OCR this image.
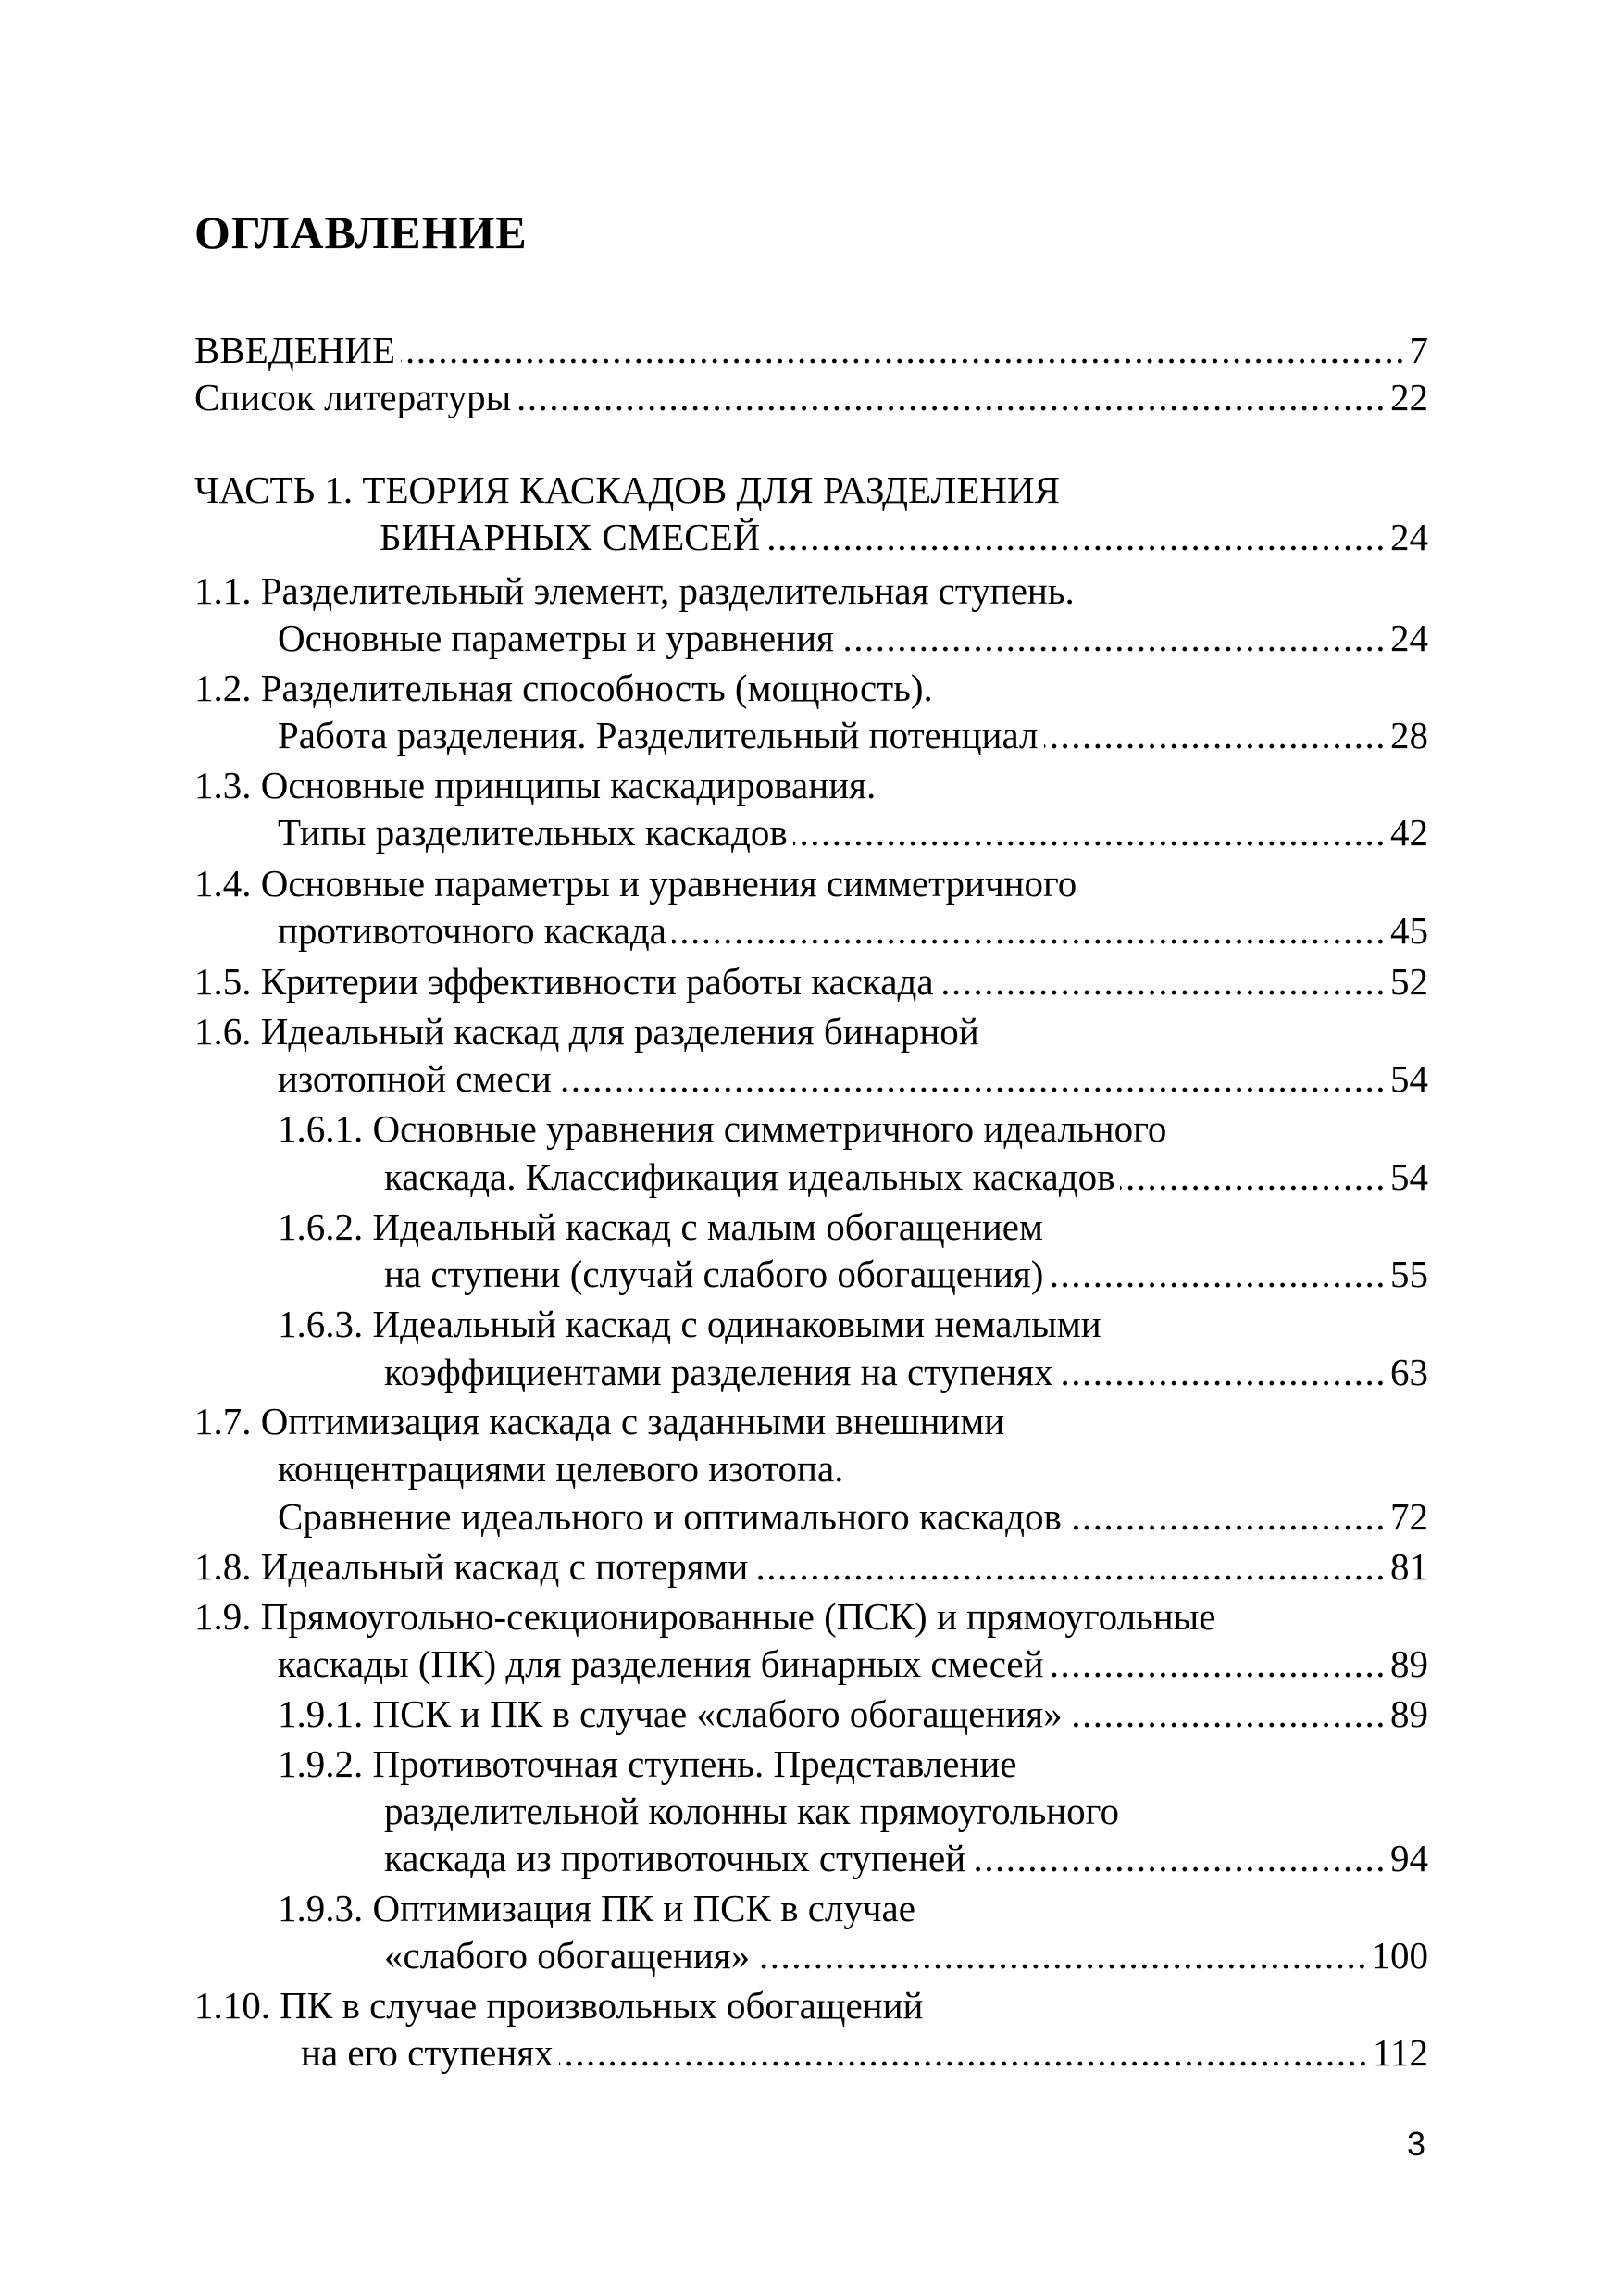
ОГЛАВЛЕНИЕ
.....
ВВЕДЕНИЕ	7
.....
Список литературы	22
ЧАСТЬ 1. ТЕОРИЯ КАСКАДОВ ДЛЯ РАЗДЕЛЕНИЯ
.....
БИНАРНЫХ СМЕСЕЙ	24
1.1. Разделительный элемент, разделительная ступень.
.....
Основные параметры и уравнения	24
1.2. Разделительная способность (мощность).
.....
Работа разделения. Разделительный потенциал	28
1.3. Основные принципы каскадирования.
.....
Типы разделительных каскадов	42
1.4. Основные параметры и уравнения симметричного
.....
противоточного каскада	45
.....
1.5. Критерии эффективности работы каскада	52
1.6. Идеальный каскад для разделения бинарной
.....
изотопной смеси	54
1.6.1. Основные уравнения симметричного идеального
.....
каскада. Классификация идеальных каскадов	54
1.6.2. Идеальный каскад с малым обогащением
.....
на ступени (случай слабого обогащения)	55
1.6.3. Идеальный каскад с одинаковыми немалыми
.....
коэффициентами разделения на ступенях	63
1.7. Оптимизация каскада с заданными внешними
концентрациями целевого изотопа.
.....
Сравнение идеального и оптимального каскадов	72
.....
1.8. Идеальный каскад с потерями	81
1.9. Прямоугольно-секционированные (ПСК) и прямоугольные
.....
каскады (ПК) для разделения бинарных смесей	89
.....
1.9.1. ПСК и ПК в случае «слабого обогащения»	89
1.9.2. Противоточная ступень. Представление
разделительной колонны как прямоугольного
.....
каскада из противоточных ступеней	94
1.9.3. Оптимизация ПК и ПСК в случае
.....
«слабого обогащения»	100
1.10. ПК в случае произвольных обогащений
.....
на его ступенях	112
3
